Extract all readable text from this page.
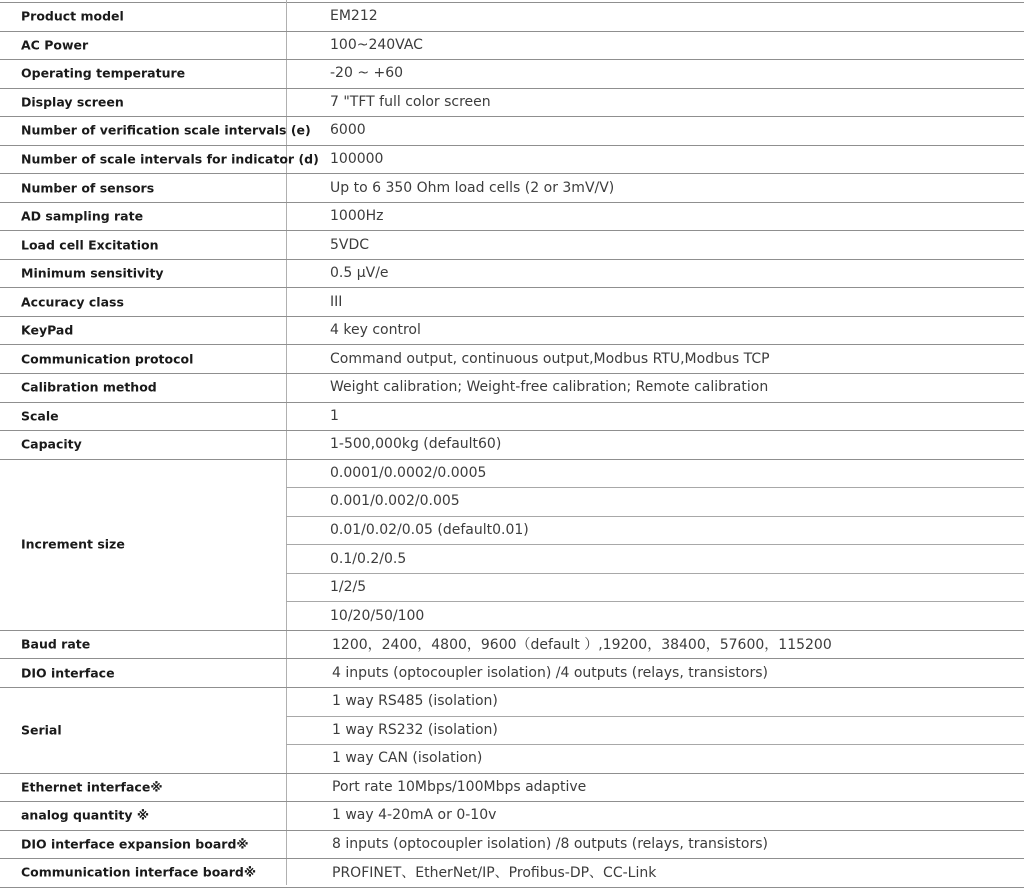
Product model	EM212
AC Power	100~240VAC
Operating temperature	-20 ~ +60
Display screen	7 "TFT full color screen
Number of verification scale intervals (e) 6000
Number of scale intervals for indicator (d) 100000
Number of sensors	Up to 6 350 Ohm load cells (2 or 3mV/V)
AD sampling rate	1000Hz
Load cell Excitation	5VDC
Minimum sensitivity	0.5 μV/e
Accuracy class	III
KeyPad	4 key control
Communication protocol	Command output, continuous output,Modbus RTU,Modbus TCP
Calibration method	Weight calibration; Weight-free calibration; Remote calibration
Scale	1
Capacity	1-500,000kg (default60)
Increment size
0.0001/0.0002/0.0005
0.001/0.002/0.005
0.01/0.02/0.05 (default0.01)
0.1/0.2/0.5
1/2/5
10/20/50/100
Baud rate	1200，2400，4800，9600（default ）,19200，38400，57600，115200
DIO interface	4 inputs (optocoupler isolation) /4 outputs (relays, transistors)
Serial
1 way RS485 (isolation)
1 way RS232 (isolation)
1 way CAN (isolation)
Ethernet interface※	Port rate 10Mbps/100Mbps adaptive
analog quantity ※	1 way 4-20mA or 0-10v
DIO interface expansion board※	8 inputs (optocoupler isolation) /8 outputs (relays, transistors)
Communication interface board※	PROFINET、EtherNet/IP、Profibus-DP、CC-Link
